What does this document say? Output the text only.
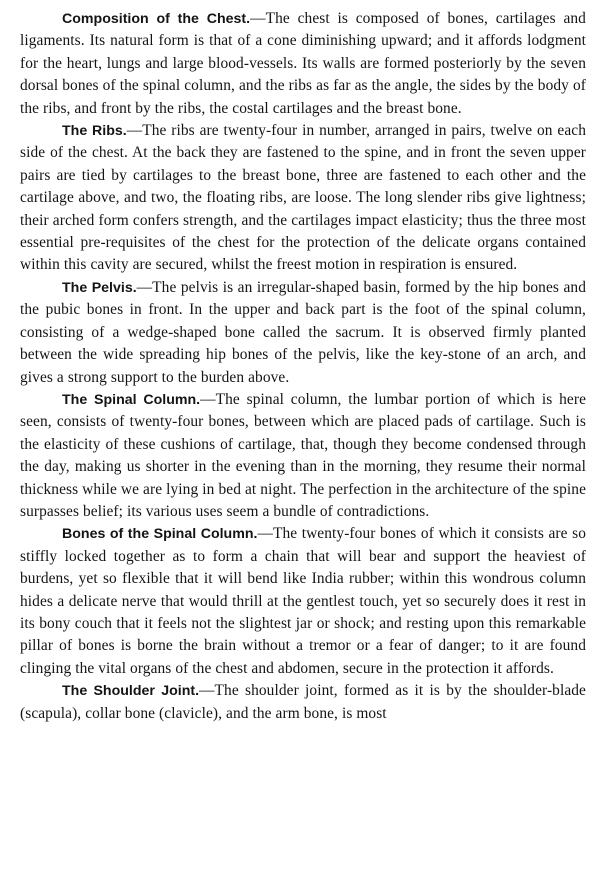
Composition of the Chest.—The chest is composed of bones, cartilages and ligaments. Its natural form is that of a cone diminishing upward; and it affords lodgment for the heart, lungs and large blood-vessels. Its walls are formed posteriorly by the seven dorsal bones of the spinal column, and the ribs as far as the angle, the sides by the body of the ribs, and front by the ribs, the costal cartilages and the breast bone.

The Ribs.—The ribs are twenty-four in number, arranged in pairs, twelve on each side of the chest. At the back they are fastened to the spine, and in front the seven upper pairs are tied by cartilages to the breast bone, three are fastened to each other and the cartilage above, and two, the floating ribs, are loose. The long slender ribs give lightness; their arched form confers strength, and the cartilages impact elasticity; thus the three most essential pre-requisites of the chest for the protection of the delicate organs contained within this cavity are secured, whilst the freest motion in respiration is ensured.

The Pelvis.—The pelvis is an irregular-shaped basin, formed by the hip bones and the pubic bones in front. In the upper and back part is the foot of the spinal column, consisting of a wedge-shaped bone called the sacrum. It is observed firmly planted between the wide spreading hip bones of the pelvis, like the key-stone of an arch, and gives a strong support to the burden above.

The Spinal Column.—The spinal column, the lumbar portion of which is here seen, consists of twenty-four bones, between which are placed pads of cartilage. Such is the elasticity of these cushions of cartilage, that, though they become condensed through the day, making us shorter in the evening than in the morning, they resume their normal thickness while we are lying in bed at night. The perfection in the architecture of the spine surpasses belief; its various uses seem a bundle of contradictions.

Bones of the Spinal Column.—The twenty-four bones of which it consists are so stiffly locked together as to form a chain that will bear and support the heaviest of burdens, yet so flexible that it will bend like India rubber; within this wondrous column hides a delicate nerve that would thrill at the gentlest touch, yet so securely does it rest in its bony couch that it feels not the slightest jar or shock; and resting upon this remarkable pillar of bones is borne the brain without a tremor or a fear of danger; to it are found clinging the vital organs of the chest and abdomen, secure in the protection it affords.

The Shoulder Joint.—The shoulder joint, formed as it is by the shoulder-blade (scapula), collar bone (clavicle), and the arm bone, is most
